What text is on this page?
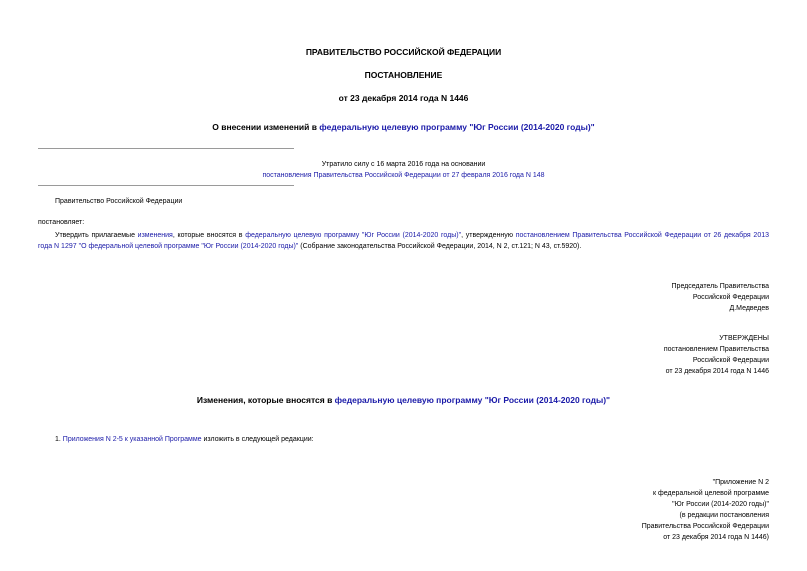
ПРАВИТЕЛЬСТВО РОССИЙСКОЙ ФЕДЕРАЦИИ
ПОСТАНОВЛЕНИЕ
от 23 декабря 2014 года N 1446
О внесении изменений в федеральную целевую программу "Юг России (2014-2020 годы)"

Утратило силу с 16 марта 2016 года на основании

постановления Правительства Российской Федерации от 27 февраля 2016 года N 148

Правительство Российской Федерации
постановляет:
Утвердить прилагаемые изменения, которые вносятся в федеральную целевую программу "Юг России (2014-2020 годы)", утвержденную постановлением Правительства Российской Федерации от 26 декабря 2013 года N 1297 "О федеральной целевой программе "Юг России (2014-2020 годы)" (Собрание законодательства Российской Федерации, 2014, N 2, ст.121; N 43, ст.5920).

Председатель Правительства

Российской Федерации

Д.Медведев

УТВЕРЖДЕНЫ

постановлением Правительства

Российской Федерации

от 23 декабря 2014 года N 1446

Изменения, которые вносятся в федеральную целевую программу "Юг России (2014-2020 годы)"
1. Приложения N 2-5 к указанной Программе изложить в следующей редакции:

"Приложение N 2

к федеральной целевой программе

"Юг России (2014-2020 годы)"

(в редакции постановления

Правительства Российской Федерации

от 23 декабря 2014 года N 1446)
